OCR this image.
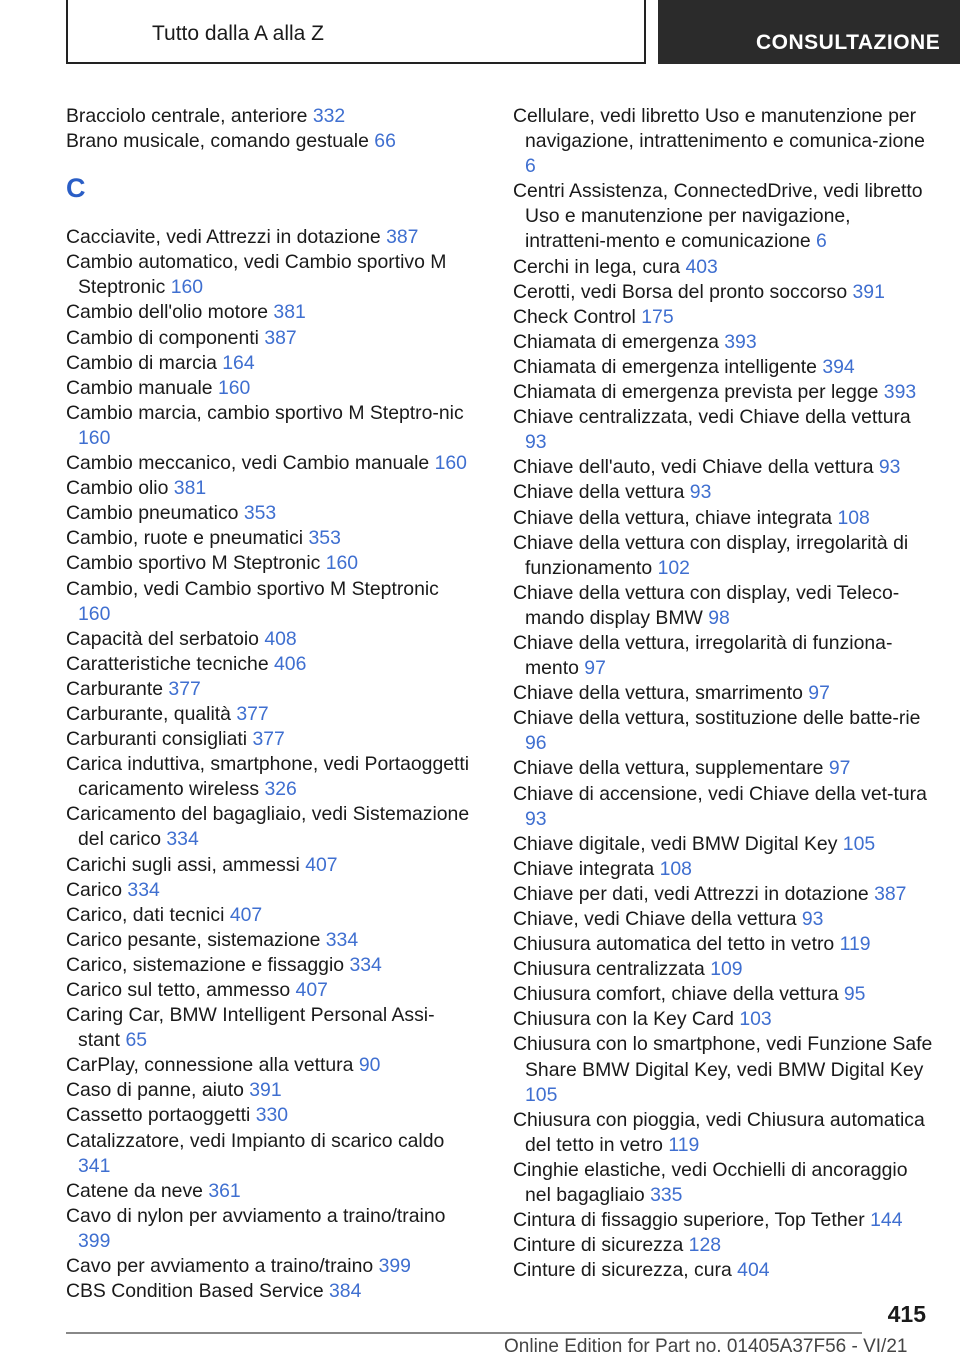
Tutto dalla A alla Z	CONSULTAZIONE
Bracciolo centrale, anteriore 332
Brano musicale, comando gestuale 66
C
Cacciavite, vedi Attrezzi in dotazione 387
Cambio automatico, vedi Cambio sportivo M Steptronic 160
Cambio dell'olio motore 381
Cambio di componenti 387
Cambio di marcia 164
Cambio manuale 160
Cambio marcia, cambio sportivo M Steptro‐nic 160
Cambio meccanico, vedi Cambio manuale 160
Cambio olio 381
Cambio pneumatico 353
Cambio, ruote e pneumatici 353
Cambio sportivo M Steptronic 160
Cambio, vedi Cambio sportivo M Steptronic 160
Capacità del serbatoio 408
Caratteristiche tecniche 406
Carburante 377
Carburante, qualità 377
Carburanti consigliati 377
Carica induttiva, smartphone, vedi Portaoggetti caricamento wireless 326
Caricamento del bagagliaio, vedi Sistemazione del carico 334
Carichi sugli assi, ammessi 407
Carico 334
Carico, dati tecnici 407
Carico pesante, sistemazione 334
Carico, sistemazione e fissaggio 334
Carico sul tetto, ammesso 407
Caring Car, BMW Intelligent Personal Assi‐stant 65
CarPlay, connessione alla vettura 90
Caso di panne, aiuto 391
Cassetto portaoggetti 330
Catalizzatore, vedi Impianto di scarico caldo 341
Catene da neve 361
Cavo di nylon per avviamento a traino/traino 399
Cavo per avviamento a traino/traino 399
CBS Condition Based Service 384
Cellulare, vedi libretto Uso e manutenzione per navigazione, intrattenimento e comunica‐zione 6
Centri Assistenza, ConnectedDrive, vedi libretto Uso e manutenzione per navigazione, intratteni‐mento e comunicazione 6
Cerchi in lega, cura 403
Cerotti, vedi Borsa del pronto soccorso 391
Check Control 175
Chiamata di emergenza 393
Chiamata di emergenza intelligente 394
Chiamata di emergenza prevista per legge 393
Chiave centralizzata, vedi Chiave della vettura 93
Chiave dell'auto, vedi Chiave della vettura 93
Chiave della vettura 93
Chiave della vettura, chiave integrata 108
Chiave della vettura con display, irregolarità di funzionamento 102
Chiave della vettura con display, vedi Teleco‐mando display BMW 98
Chiave della vettura, irregolarità di funziona‐mento 97
Chiave della vettura, smarrimento 97
Chiave della vettura, sostituzione delle batte‐rie 96
Chiave della vettura, supplementare 97
Chiave di accensione, vedi Chiave della vet‐tura 93
Chiave digitale, vedi BMW Digital Key 105
Chiave integrata 108
Chiave per dati, vedi Attrezzi in dotazione 387
Chiave, vedi Chiave della vettura 93
Chiusura automatica del tetto in vetro 119
Chiusura centralizzata 109
Chiusura comfort, chiave della vettura 95
Chiusura con la Key Card 103
Chiusura con lo smartphone, vedi Funzione Safe Share BMW Digital Key, vedi BMW Digital Key 105
Chiusura con pioggia, vedi Chiusura automatica del tetto in vetro 119
Cinghie elastiche, vedi Occhielli di ancoraggio nel bagagliaio 335
Cintura di fissaggio superiore, Top Tether 144
Cinture di sicurezza 128
Cinture di sicurezza, cura 404
415
Online Edition for Part no. 01405A37F56 - VI/21
